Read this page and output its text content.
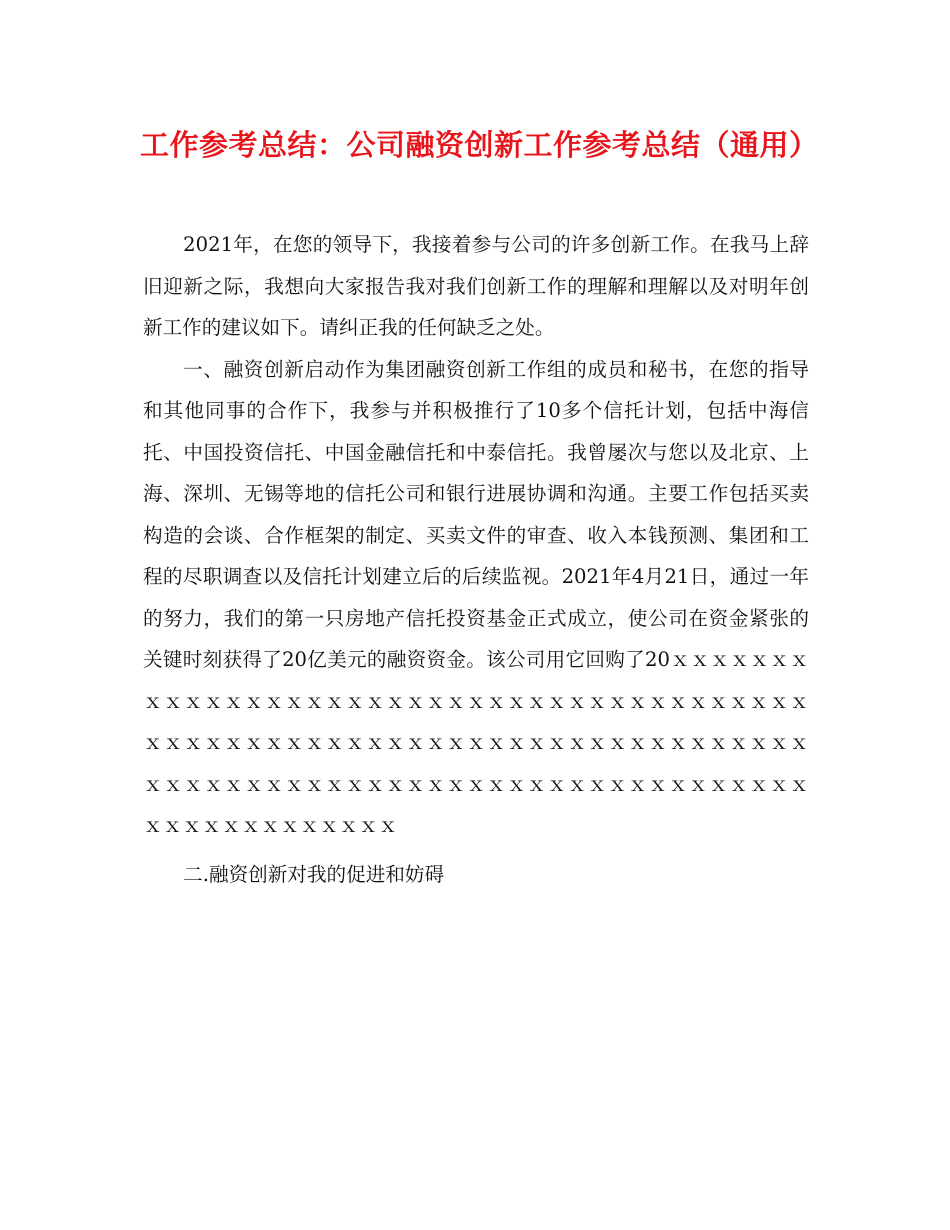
工作参考总结：公司融资创新工作参考总结（通用）

2021年，在您的领导下，我接着参与公司的许多创新工作。在我马上辞旧迎新之际，我想向大家报告我对我们创新工作的理解和理解以及对明年创新工作的建议如下。请纠正我的任何缺乏之处。

一、融资创新启动作为集团融资创新工作组的成员和秘书，在您的指导和其他同事的合作下，我参与并积极推行了10多个信托计划，包括中海信托、中国投资信托、中国金融信托和中泰信托。我曾屡次与您以及北京、上海、深圳、无锡等地的信托公司和银行进展协调和沟通。主要工作包括买卖构造的会谈、合作框架的制定、买卖文件的审查、收入本钱预测、集团和工程的尽职调查以及信托计划建立后的后续监视。2021年4月21日，通过一年的努力，我们的第一只房地产信托投资基金正式成立，使公司在资金紧张的关键时刻获得了20亿美元的融资资金。该公司用它回购了20ｘｘｘｘｘｘｘｘｘｘｘｘｘｘｘｘｘｘｘｘｘｘｘｘｘｘｘｘｘｘｘｘｘｘｘｘｘｘｘｘｘｘｘｘｘｘｘｘｘｘｘｘｘｘｘｘｘｘｘｘｘｘｘｘｘｘｘｘｘｘｘｘｘｘｘｘｘｘｘｘｘｘｘｘｘｘｘｘｘｘｘｘｘｘｘｘｘｘｘｘｘｘｘｘｘｘｘｘｘｘｘｘｘｘｘｘｘｘｘ

二.融资创新对我的促进和妨碍
